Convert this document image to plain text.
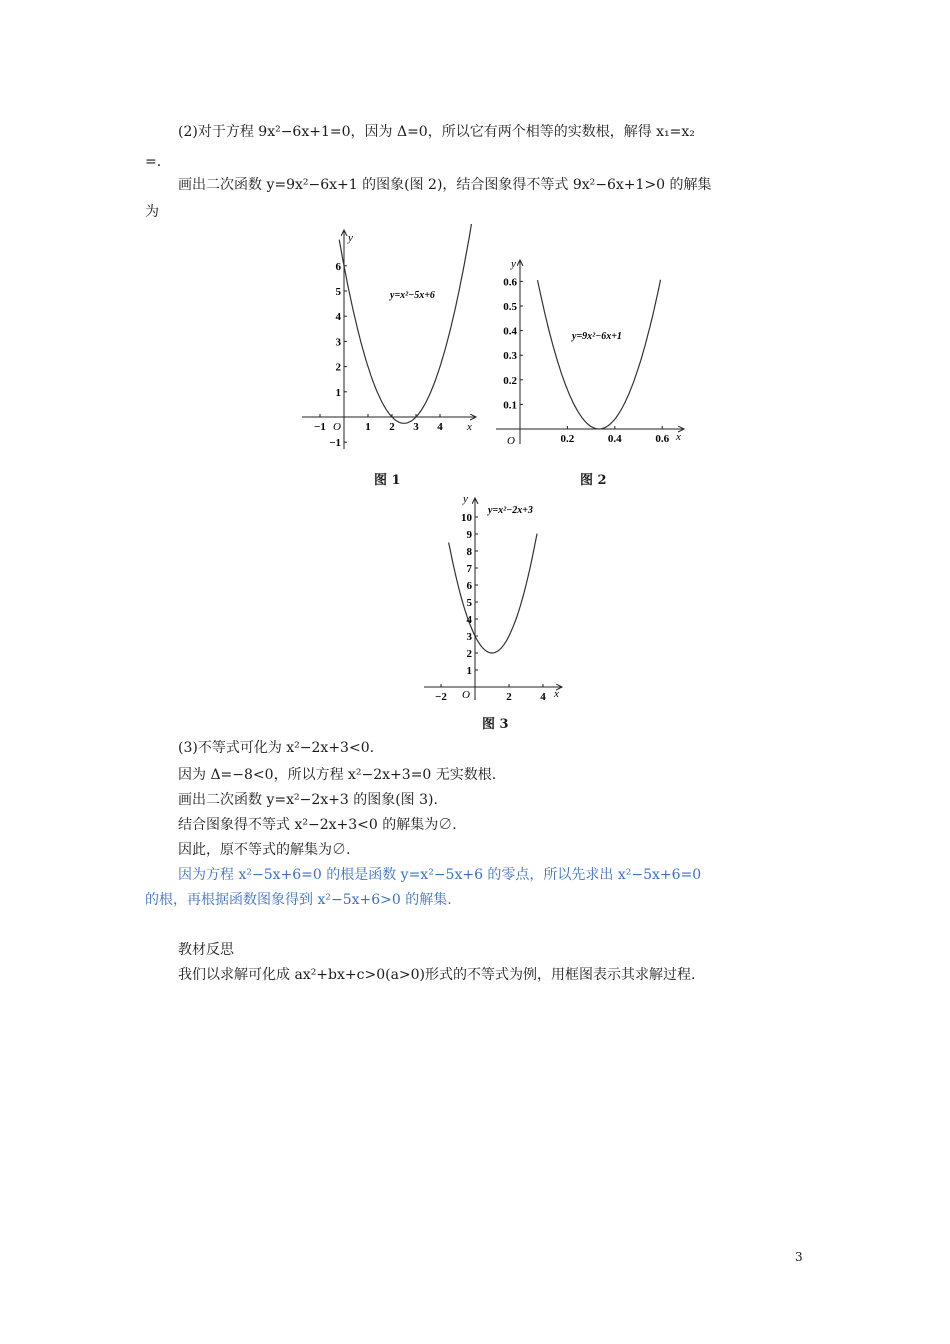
(2)对于方程 9x²−6x+1=0，因为 Δ=0，所以它有两个相等的实数根，解得 x₁=x₂
=.
画出二次函数 y=9x²−6x+1 的图象(图 2)，结合图象得不等式 9x²−6x+1>0 的解集
为
−1	1 2 3 4
6
5
4
3
2
1
−1
y
x
O
y=x²−5x+6
图 1
0.2	0.4	0.6
0.6
0.5
0.4
0.3
0.2
0.1
y
x
O
y=9x²−6x+1
图 2
−2	2	4
10
9
8
7
6
5
4
3
2
1
y
x
O
y=x²−2x+3
图 3
(3)不等式可化为 x²−2x+3<0.
因为 Δ=−8<0，所以方程 x²−2x+3=0 无实数根.
画出二次函数 y=x²−2x+3 的图象(图 3).
结合图象得不等式 x²−2x+3<0 的解集为∅.
因此，原不等式的解集为∅.
因为方程 x²−5x+6=0 的根是函数 y=x²−5x+6 的零点，所以先求出 x²−5x+6=0
的根，再根据函数图象得到 x²−5x+6>0 的解集.
教材反思
我们以求解可化成 ax²+bx+c>0(a>0)形式的不等式为例，用框图表示其求解过程.
3
